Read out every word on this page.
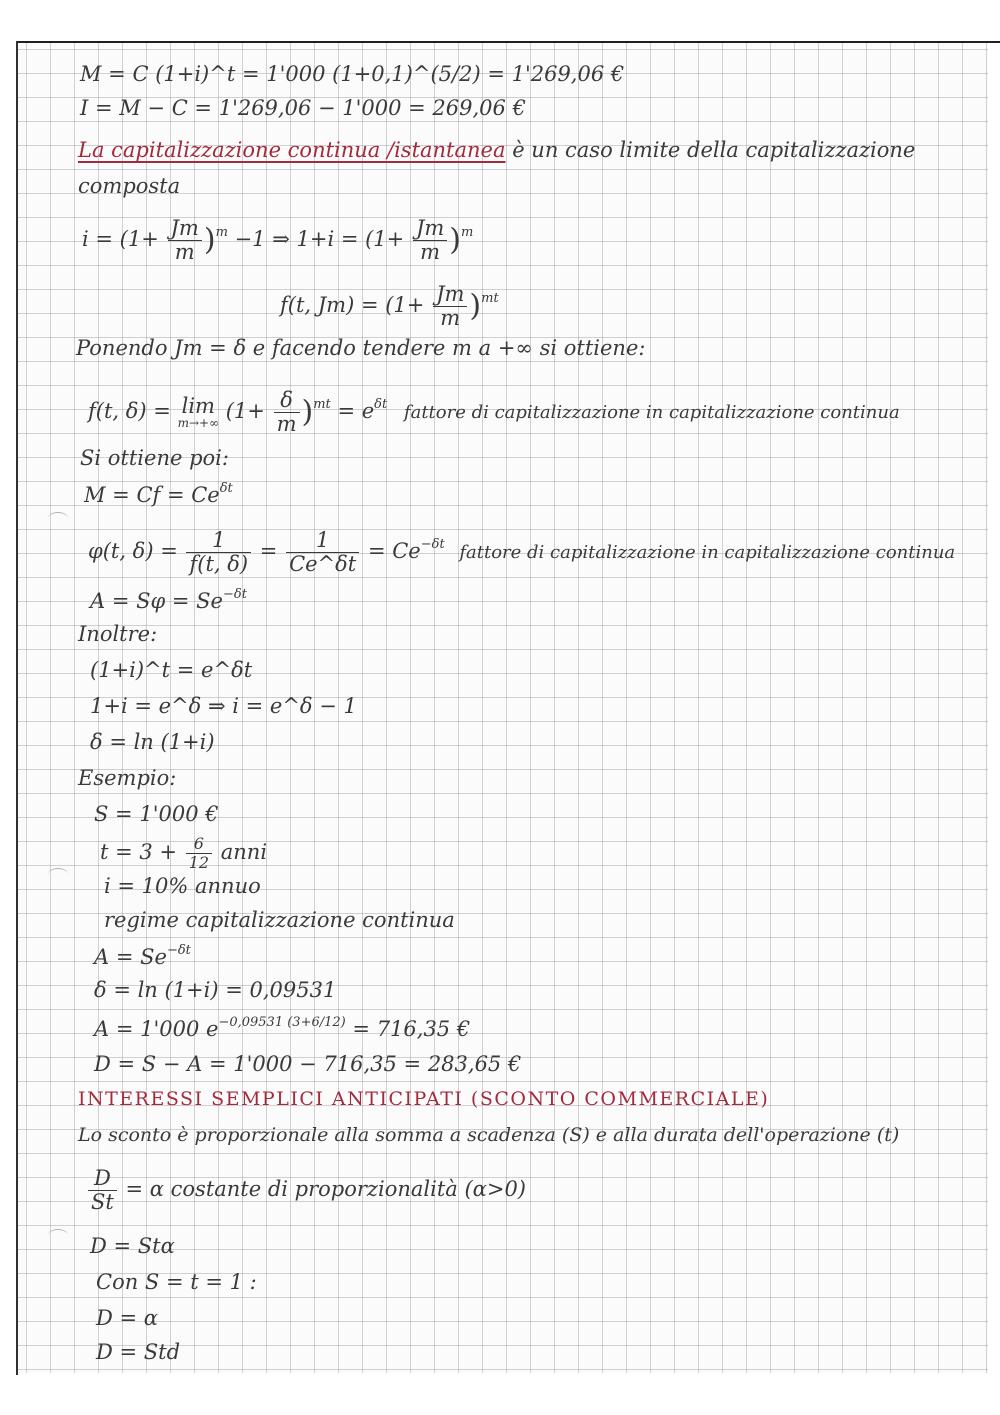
M = C (1+i)^t = 1'000 (1+0,1)^(5/2) = 1'269,06 €
I = M − C = 1'269,06 − 1'000 = 269,06 €
La capitalizzazione continua /istantanea è un caso limite della capitalizzazione
composta
$i = (1+ \frac{Jm}{m} )^m -1$ ⇒ $1+i = (1+ \frac{Jm}{m} )^m$
f(t, $Jm) = (1+ \frac{Jm}{m} )^{mt}$
Ponendo Jm = δ e facendo tendere m a +∞ si ottiene:
f(t, δ) = lim
m→+∞ $(1+ \frac{\delta}{m} )^{mt} = e^{\delta t}$ fattore di capitalizzazione in capitalizzazione continua
Si ottiene poi:
$M = Cf = Ce^{\delta t}$
φ(t, $\delta) = \frac{1}{f(t, \delta)} = \frac{1}{Ce\^{}\delta t} = Ce^{-\delta t}$ fattore di capitalizzazione in capitalizzazione continua
$A = S\varphi = Se^{-\delta t}$
Inoltre:
(1+i)^t = e^δt
1+i = e^δ ⇒ i = e^δ − 1
δ = ln (1+i)
Esempio:
S = 1'000 €
$t = 3 + \frac{6}{12}$ anni
i = 10% annuo
regime capitalizzazione continua
$A = Se^{-\delta t}$
δ = ln (1+i) = 0,09531
A = 1'000 $e^{-0,09531 (3+6/12)} = 716,35$ €
D = S − A = 1'000 − 716,35 = 283,65 €
INTERESSI SEMPLICI ANTICIPATI (SCONTO COMMERCIALE)
Lo sconto è proporzionale alla somma a scadenza (S) e alla durata dell'operazione (t)
$\frac{D}{St} = \alpha$ costante di proporzionalità (α>0)
D = Stα
Con S = t = 1 :
D = α
D = Std
